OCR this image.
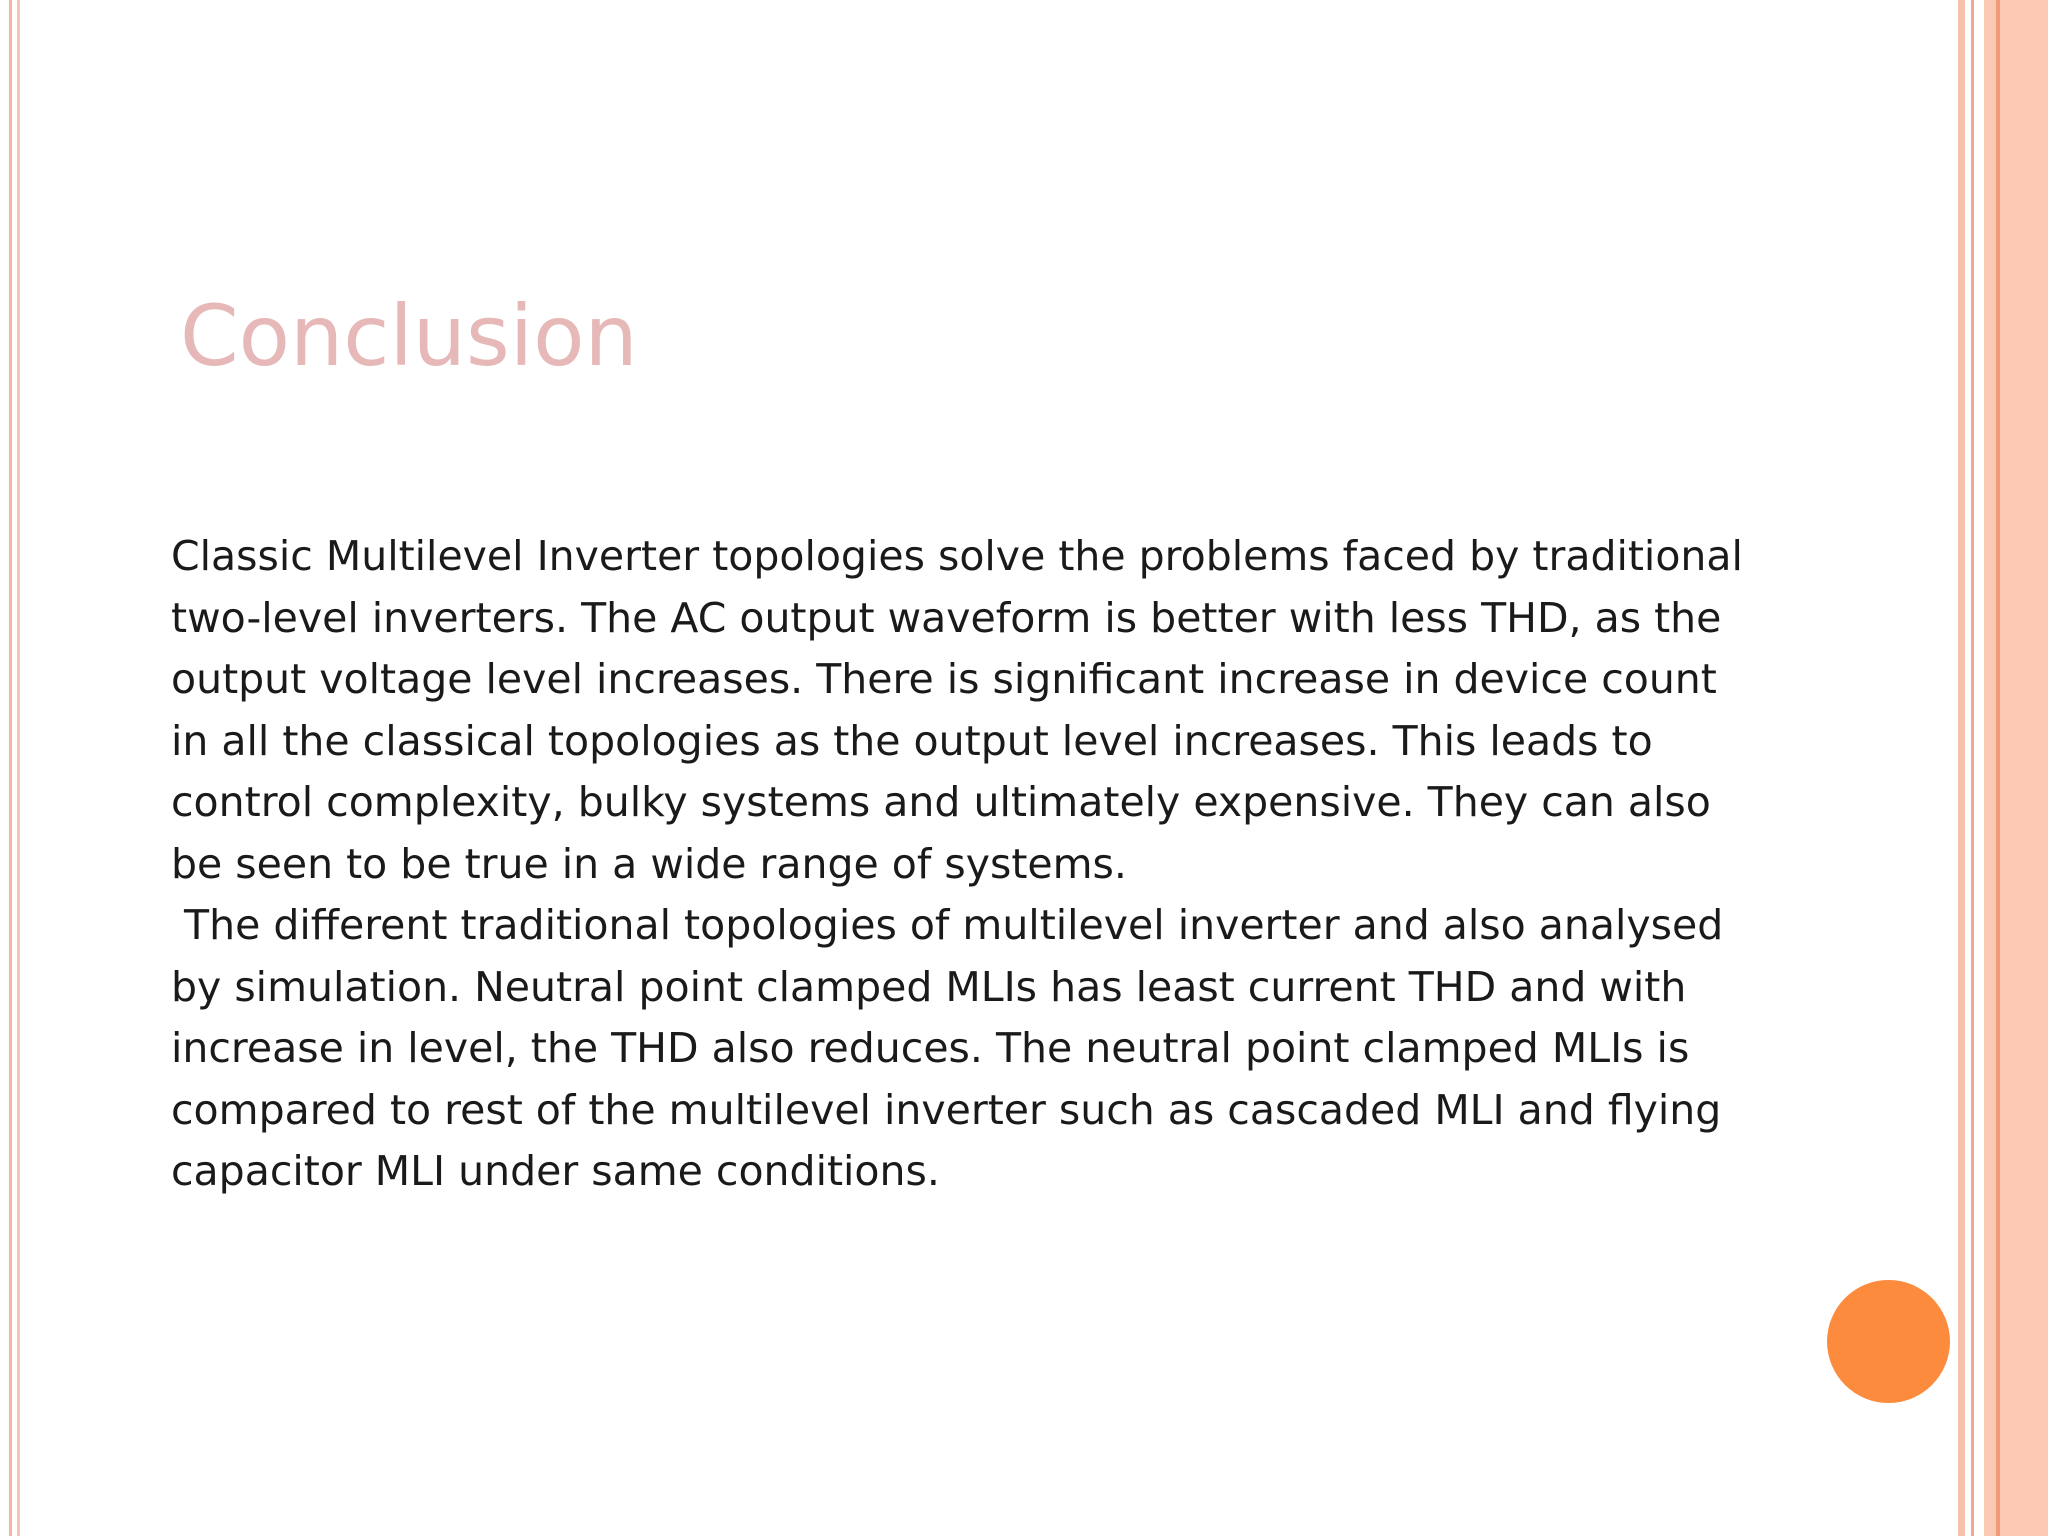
Conclusion

Classic Multilevel Inverter topologies solve the problems faced by traditional two-level inverters. The AC output waveform is better with less THD, as the output voltage level increases. There is significant increase in device count in all the classical topologies as the output level increases. This leads to control complexity, bulky systems and ultimately expensive. They can also be seen to be true in a wide range of systems.

The different traditional topologies of multilevel inverter and also analysed by simulation. Neutral point clamped MLIs has least current THD and with increase in level, the THD also reduces. The neutral point clamped MLIs is compared to rest of the multilevel inverter such as cascaded MLI and flying capacitor MLI under same conditions.
